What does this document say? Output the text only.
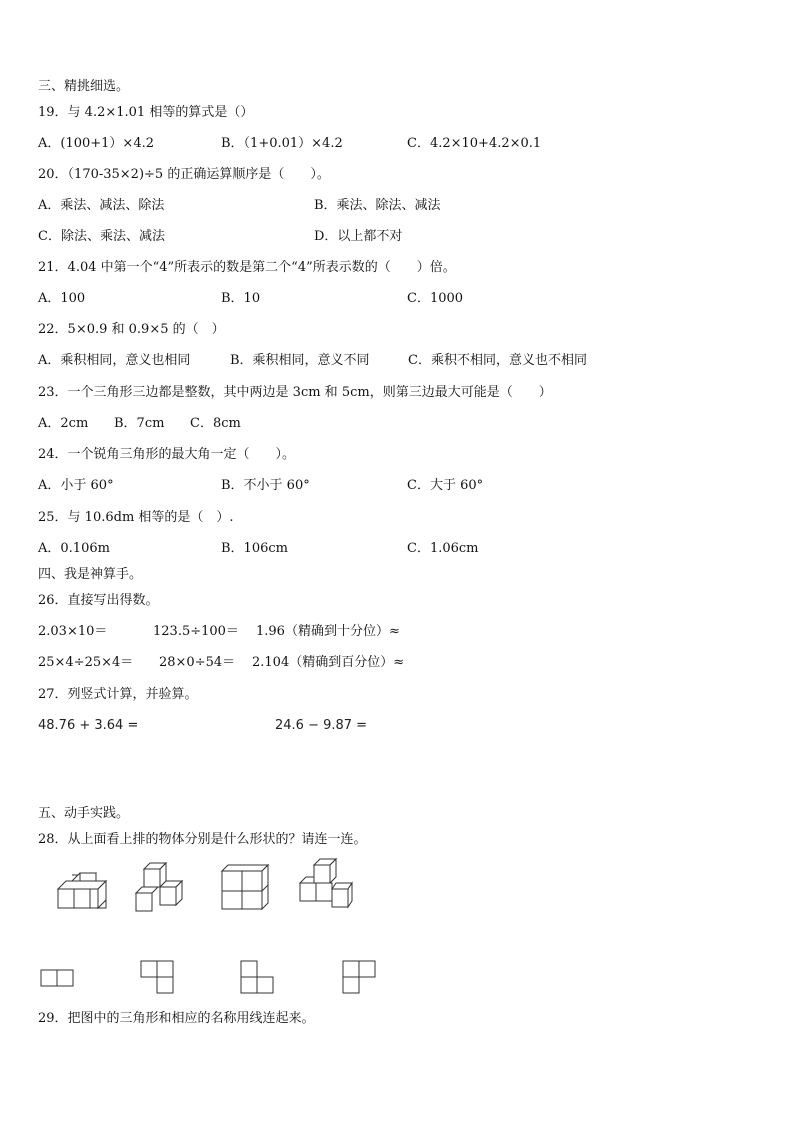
三、精挑细选。
19．与 4.2×1.01 相等的算式是（）
A．(100+1）×4.2	B．（1+0.01）×4.2	C．4.2×10+4.2×0.1
20．（170-35×2)÷5 的正确运算顺序是（　　）。
A．乘法、减法、除法	B．乘法、除法、减法
C．除法、乘法、减法	D．以上都不对
21．4.04 中第一个“4”所表示的数是第二个“4”所表示数的（　　）倍。
A．100	B．10	C．1000
22．5×0.9 和 0.9×5 的（　）
A．乘积相同，意义也相同	B．乘积相同，意义不同	C．乘积不相同，意义也不相同
23．一个三角形三边都是整数，其中两边是 3cm 和 5cm，则第三边最大可能是（　　）
A．2cm B．7cm C．8cm
24．一个锐角三角形的最大角一定（　　）。
A．小于 60°	B．不小于 60°	C．大于 60°
25．与 10.6dm 相等的是（　）.
A．0.106m	B．106cm	C．1.06cm
四、我是神算手。
26．直接写出得数。
2.03×10＝	123.5÷100＝ 1.96（精确到十分位）≈
25×4÷25×4＝ 28×0÷54＝ 2.104（精确到百分位）≈
27．列竖式计算，并验算。
48.76 + 3.64 =	24.6 − 9.87 =
五、动手实践。
28．从上面看上排的物体分别是什么形状的？请连一连。
29．把图中的三角形和相应的名称用线连起来。
